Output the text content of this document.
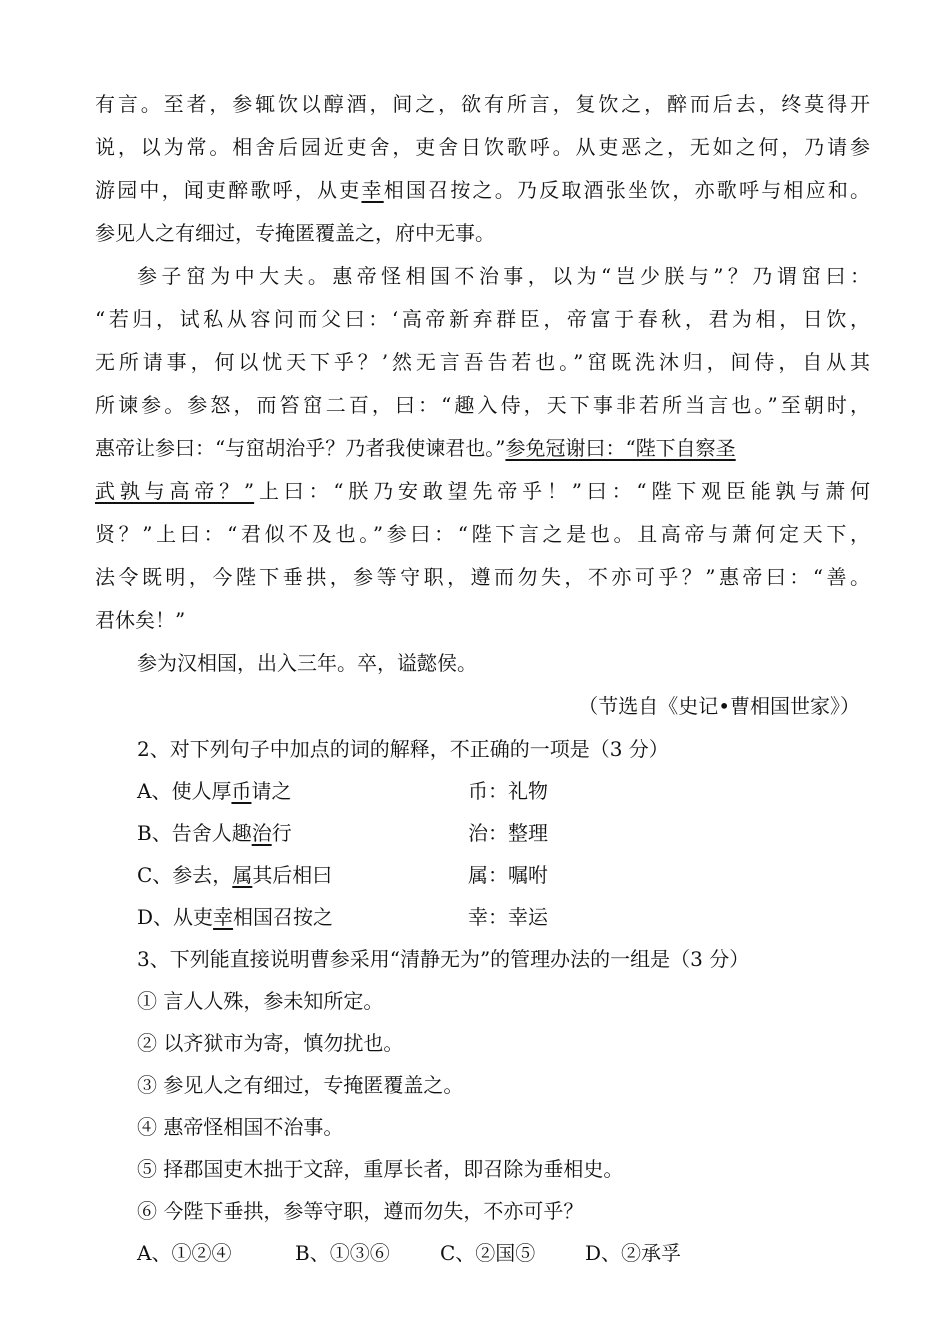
有言。至者，参辄饮以醇酒，间之，欲有所言，复饮之，醉而后去，终莫得开
说，以为常。相舍后园近吏舍，吏舍日饮歌呼。从吏恶之，无如之何，乃请参
游园中，闻吏醉歌呼，从吏幸相国召按之。乃反取酒张坐饮，亦歌呼与相应和。
参见人之有细过，专掩匿覆盖之，府中无事。
参子窋为中大夫。惠帝怪相国不治事，以为“岂少朕与”？乃谓窋曰：
“若归，试私从容问而父曰：‘高帝新弃群臣，帝富于春秋，君为相，日饮，
无所请事，何以忧天下乎？’然无言吾告若也。”窋既洗沐归，间侍，自从其
所谏参。参怒，而笞窋二百，曰：“趣入侍，天下事非若所当言也。”至朝时，
惠帝让参曰：“与窋胡治乎？乃者我使谏君也。”参免冠谢曰：“陛下自察圣
武孰与高帝？”上曰：“朕乃安敢望先帝乎！”曰：“陛下观臣能孰与萧何
贤？”上曰：“君似不及也。”参曰：“陛下言之是也。且高帝与萧何定天下，
法令既明，今陛下垂拱，参等守职，遵而勿失，不亦可乎？”惠帝曰：“善。
君休矣！”
参为汉相国，出入三年。卒，谥懿侯。
（节选自《史记•曹相国世家》）
2、对下列句子中加点的词的解释，不正确的一项是（3 分）
A、使人厚币请之	币：礼物
B、告舍人趣治行	治：整理
C、参去，属其后相曰	属：嘱咐
D、从吏幸相国召按之	幸：幸运
3、下列能直接说明曹参采用“清静无为”的管理办法的一组是（3 分）
① 言人人殊，参未知所定。
② 以齐狱市为寄，慎勿扰也。
③ 参见人之有细过，专掩匿覆盖之。
④ 惠帝怪相国不治事。
⑤ 择郡国吏木拙于文辞，重厚长者，即召除为垂相史。
⑥ 今陛下垂拱，参等守职，遵而勿失，不亦可乎？
A、①②④	B、①③⑥	C、②国⑤ D、②承孚
